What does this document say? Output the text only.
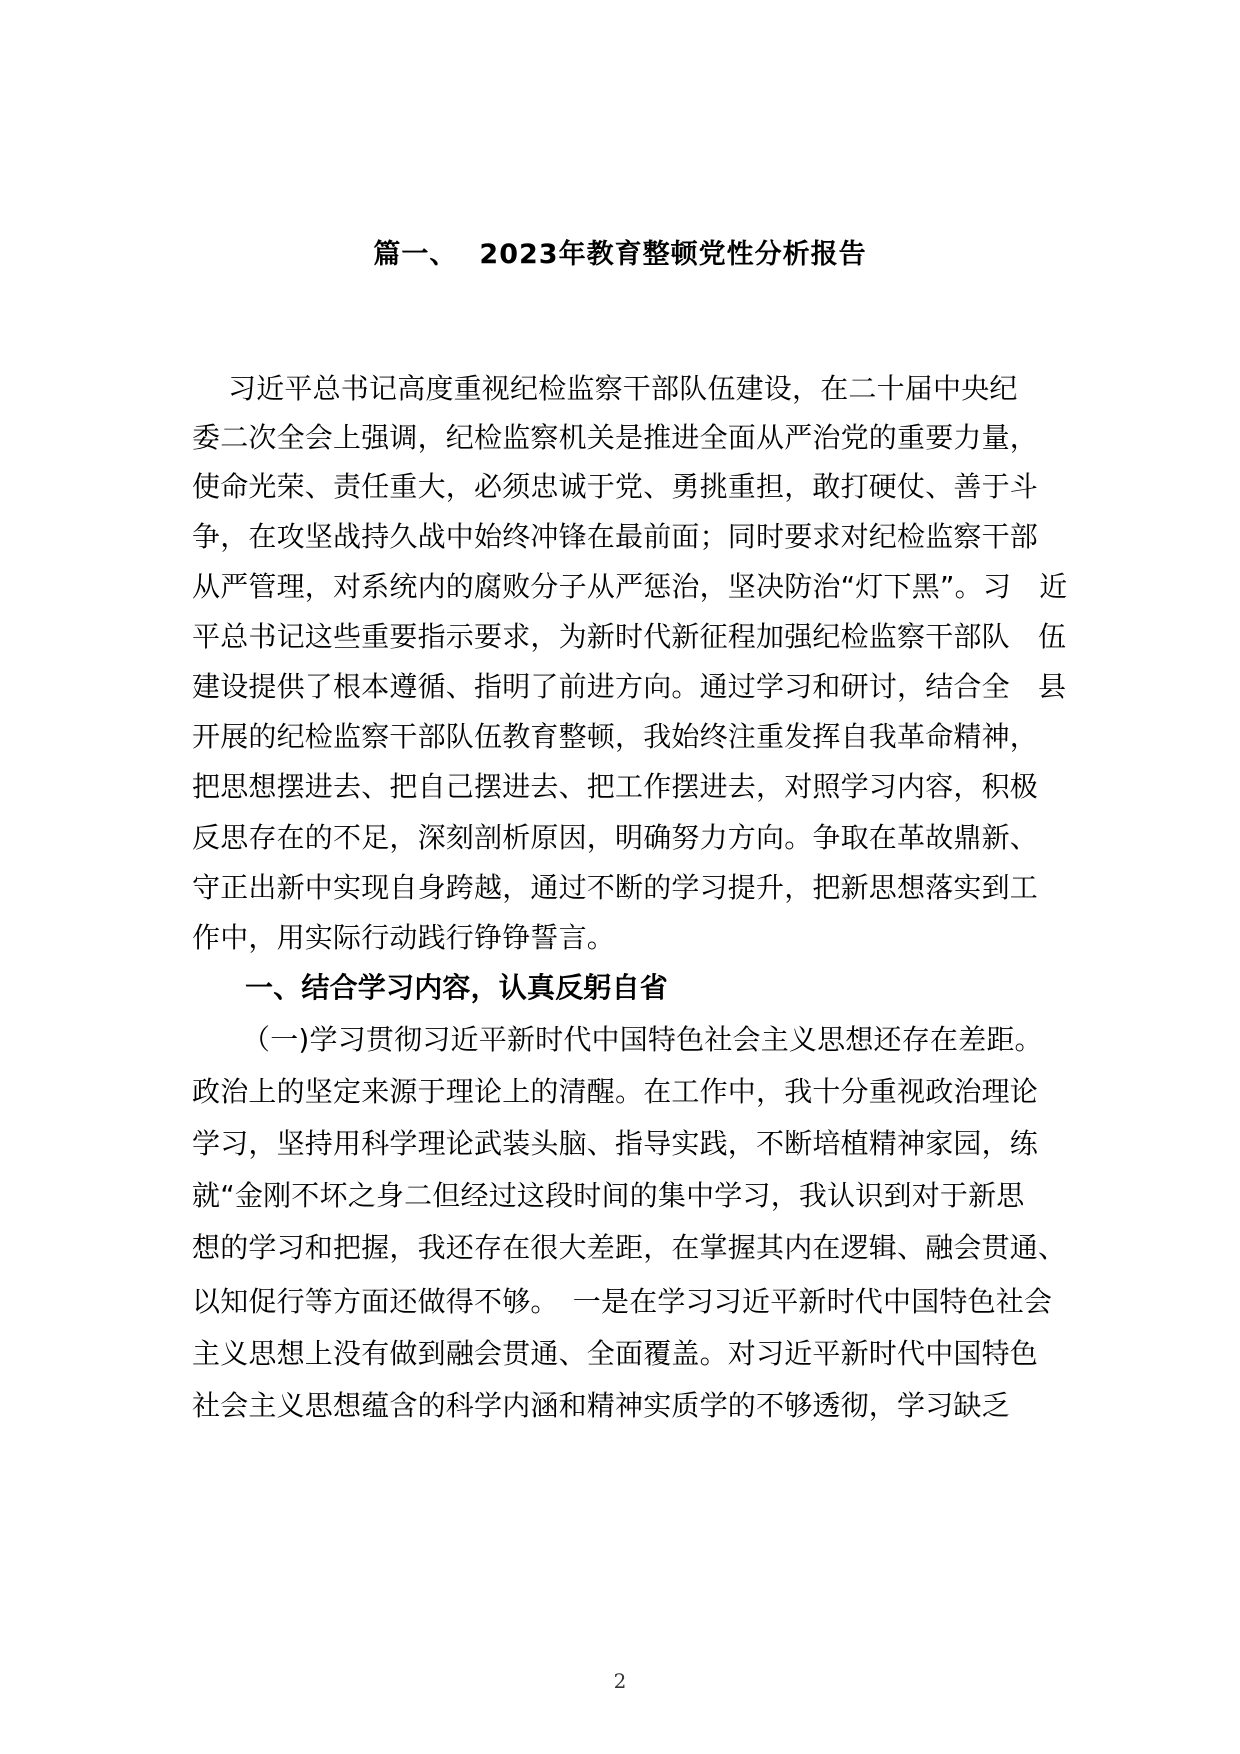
篇一、 2023年教育整顿党性分析报告
习近平总书记高度重视纪检监察干部队伍建设，在二十届中央纪
委二次全会上强调，纪检监察机关是推进全面从严治党的重要力量，
使命光荣、责任重大，必须忠诚于党、勇挑重担，敢打硬仗、善于斗
争，在攻坚战持久战中始终冲锋在最前面；同时要求对纪检监察干部
从严管理，对系统内的腐败分子从严惩治，坚决防治“灯下黑”。习　近
平总书记这些重要指示要求，为新时代新征程加强纪检监察干部队　伍
建设提供了根本遵循、指明了前进方向。通过学习和研讨，结合全　县
开展的纪检监察干部队伍教育整顿，我始终注重发挥自我革命精神，
把思想摆进去、把自己摆进去、把工作摆进去，对照学习内容，积极
反思存在的不足，深刻剖析原因，明确努力方向。争取在革故鼎新、
守正出新中实现自身跨越，通过不断的学习提升，把新思想落实到工
作中，用实际行动践行铮铮誓言。
一、结合学习内容，认真反躬自省
（一)学习贯彻习近平新时代中国特色社会主义思想还存在差距。
政治上的坚定来源于理论上的清醒。在工作中，我十分重视政治理论
学习，坚持用科学理论武装头脑、指导实践，不断培植精神家园，练
就“金刚不坏之身二但经过这段时间的集中学习，我认识到对于新思
想的学习和把握，我还存在很大差距，在掌握其内在逻辑、融会贯通、
以知促行等方面还做得不够。　一是在学习习近平新时代中国特色社会
主义思想上没有做到融会贯通、全面覆盖。对习近平新时代中国特色
社会主义思想蕴含的科学内涵和精神实质学的不够透彻，学习缺乏
2
